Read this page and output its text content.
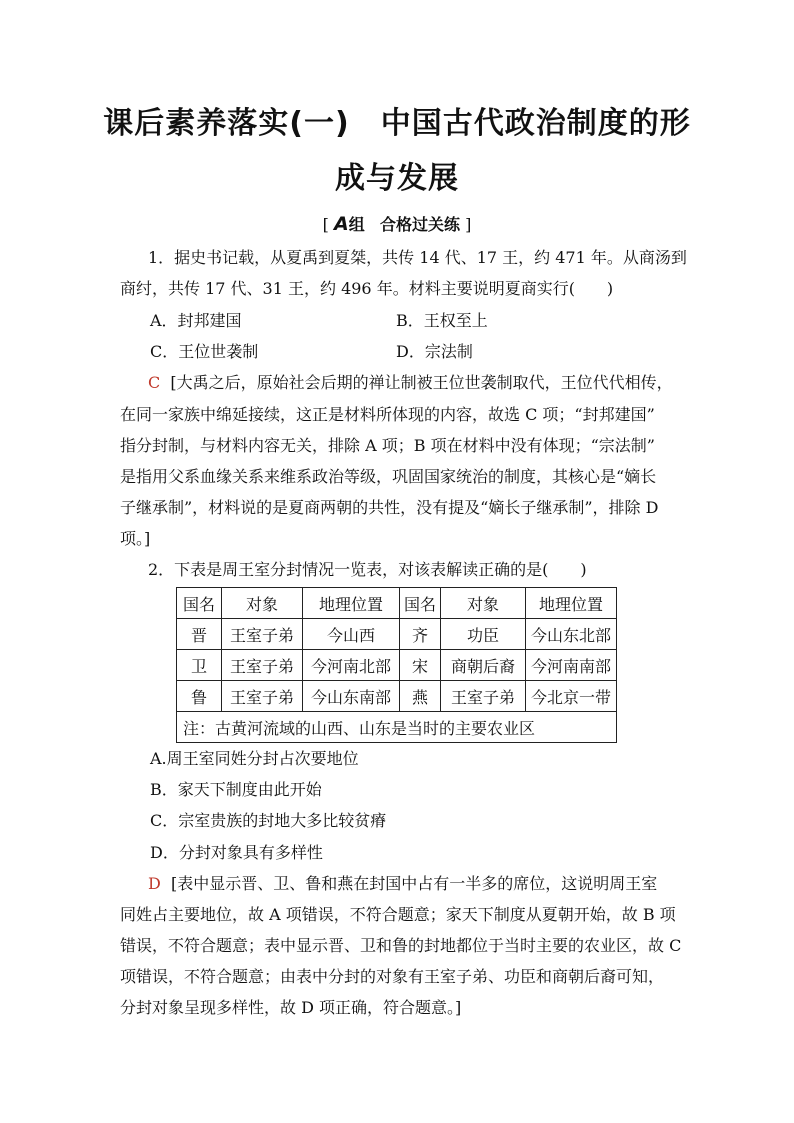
课后素养落实(一)　中国古代政治制度的形
成与发展
[ A组 合格过关练 ]
1．据史书记载，从夏禹到夏桀，共传 14 代、17 王，约 471 年。从商汤到
商纣，共传 17 代、31 王，约 496 年。材料主要说明夏商实行(　　)
A．封邦建国	B．王权至上
C．王位世袭制	D．宗法制
C [大禹之后，原始社会后期的禅让制被王位世袭制取代，王位代代相传，
在同一家族中绵延接续，这正是材料所体现的内容，故选 C 项；“封邦建国”
指分封制，与材料内容无关，排除 A 项；B 项在材料中没有体现；“宗法制”
是指用父系血缘关系来维系政治等级，巩固国家统治的制度，其核心是“嫡长
子继承制”，材料说的是夏商两朝的共性，没有提及“嫡长子继承制”，排除 D
项。]
2．下表是周王室分封情况一览表，对该表解读正确的是(　　)
国名	对象	地理位置	国名	对象	地理位置
晋	王室子弟	今山西	齐	功臣	今山东北部
卫	王室子弟	今河南北部	宋	商朝后裔	今河南南部
鲁	王室子弟	今山东南部	燕	王室子弟	今北京一带
注：古黄河流域的山西、山东是当时的主要农业区					
A.周王室同姓分封占次要地位
B．家天下制度由此开始
C．宗室贵族的封地大多比较贫瘠
D．分封对象具有多样性
D [表中显示晋、卫、鲁和燕在封国中占有一半多的席位，这说明周王室
同姓占主要地位，故 A 项错误，不符合题意；家天下制度从夏朝开始，故 B 项
错误，不符合题意；表中显示晋、卫和鲁的封地都位于当时主要的农业区，故 C
项错误，不符合题意；由表中分封的对象有王室子弟、功臣和商朝后裔可知，
分封对象呈现多样性，故 D 项正确，符合题意。]
